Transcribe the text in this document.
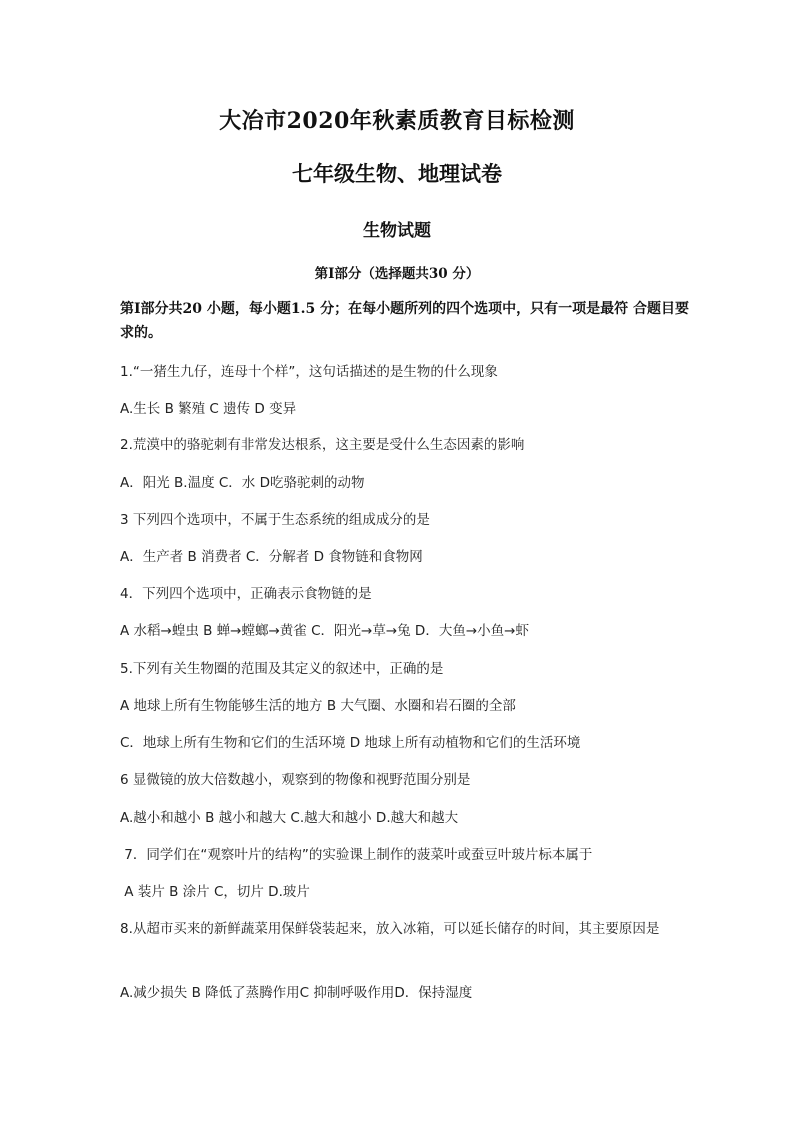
大冶市2020年秋素质教育目标检测
七年级生物、地理试卷
生物试题
第Ⅰ部分（选择题共30 分）
第Ⅰ部分共20 小题，每小题1.5 分；在每小题所列的四个选项中，只有一项是最符 合题目要求的。
1.“一猪生九仔，连母十个样”，这句话描述的是生物的什么现象
A.生长 B 繁殖 C 遗传 D 变异
2.荒漠中的骆驼刺有非常发达根系，这主要是受什么生态因素的影响
A．阳光 B.温度 C．水 D吃骆驼刺的动物
3 下列四个选项中，不属于生态系统的组成成分的是
A．生产者 B 消费者 C．分解者 D 食物链和食物网
4．下列四个选项中，正确表示食物链的是
A 水稻→蝗虫 B 蝉→螳螂→黄雀 C．阳光→草→兔 D．大鱼→小鱼→虾
5.下列有关生物圈的范围及其定义的叙述中，正确的是
A 地球上所有生物能够生活的地方 B 大气圈、水圈和岩石圈的全部
C．地球上所有生物和它们的生活环境 D 地球上所有动植物和它们的生活环境
6 显微镜的放大倍数越小，观察到的物像和视野范围分别是
A.越小和越小 B 越小和越大 C.越大和越小 D.越大和越大
7．同学们在“观察叶片的结构”的实验课上制作的菠菜叶或蚕豆叶玻片标本属于
A 装片 B 涂片 C，切片 D.玻片
8.从超市买来的新鲜蔬菜用保鲜袋装起来，放入冰箱，可以延长储存的时间，其主要原因是
A.减少损失 B 降低了蒸腾作用C 抑制呼吸作用D．保持湿度
